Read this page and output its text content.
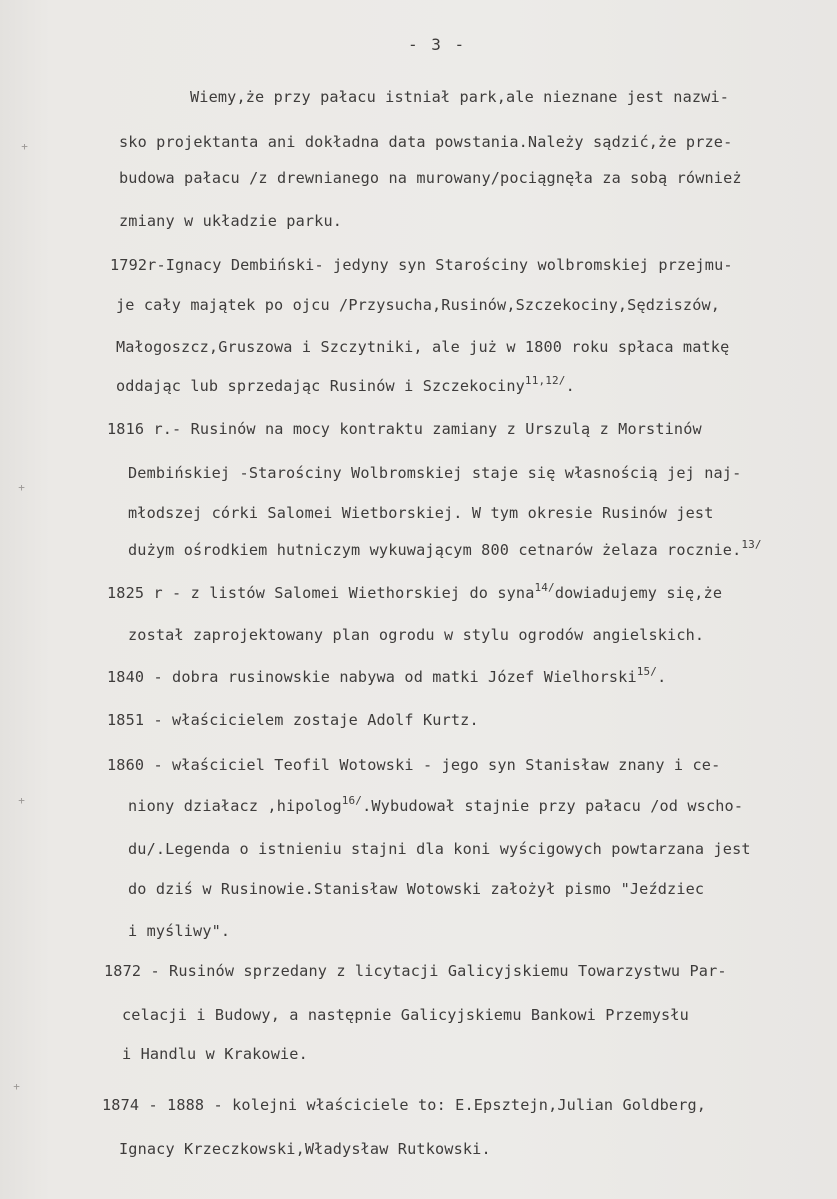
+
+
+
+
- 3 -
Wiemy,że przy pałacu istniał park,ale nieznane jest nazwi-
sko projektanta ani dokładna data powstania.Należy sądzić,że prze-
budowa pałacu /z drewnianego na murowany/pociągnęła za sobą również
zmiany w układzie parku.
1792r-Ignacy Dembiński- jedyny syn Starościny wolbromskiej przejmu-
je cały majątek po ojcu /Przysucha,Rusinów,Szczekociny,Sędziszów,
Małogoszcz,Gruszowa i Szczytniki, ale już w 1800 roku spłaca matkę
oddając lub sprzedając Rusinów i Szczekociny$^{11,12/}$.
1816 r.- Rusinów na mocy kontraktu zamiany z Urszulą z Morstinów
Dembińskiej -Starościny Wolbromskiej staje się własnością jej naj-
młodszej córki Salomei Wietborskiej. W tym okresie Rusinów jest
dużym ośrodkiem hutniczym wykuwającym 800 cetnarów żelaza rocznie.$^{13/}$
1825 r - z listów Salomei Wiethorskiej do syna$^{14/}$dowiadujemy się,że
został zaprojektowany plan ogrodu w stylu ogrodów angielskich.
1840 - dobra rusinowskie nabywa od matki Józef Wielhorski$^{15/}$.
1851 - właścicielem zostaje Adolf Kurtz.
1860 - właściciel Teofil Wotowski - jego syn Stanisław znany i ce-
niony działacz ,hipolog$^{16/}$.Wybudował stajnie przy pałacu /od wscho-
du/.Legenda o istnieniu stajni dla koni wyścigowych powtarzana jest
do dziś w Rusinowie.Stanisław Wotowski założył pismo "Jeździec
i myśliwy".
1872 - Rusinów sprzedany z licytacji Galicyjskiemu Towarzystwu Par-
celacji i Budowy, a następnie Galicyjskiemu Bankowi Przemysłu
i Handlu w Krakowie.
1874 - 1888 - kolejni właściciele to: E.Epsztejn,Julian Goldberg,
Ignacy Krzeczkowski,Władysław Rutkowski.
